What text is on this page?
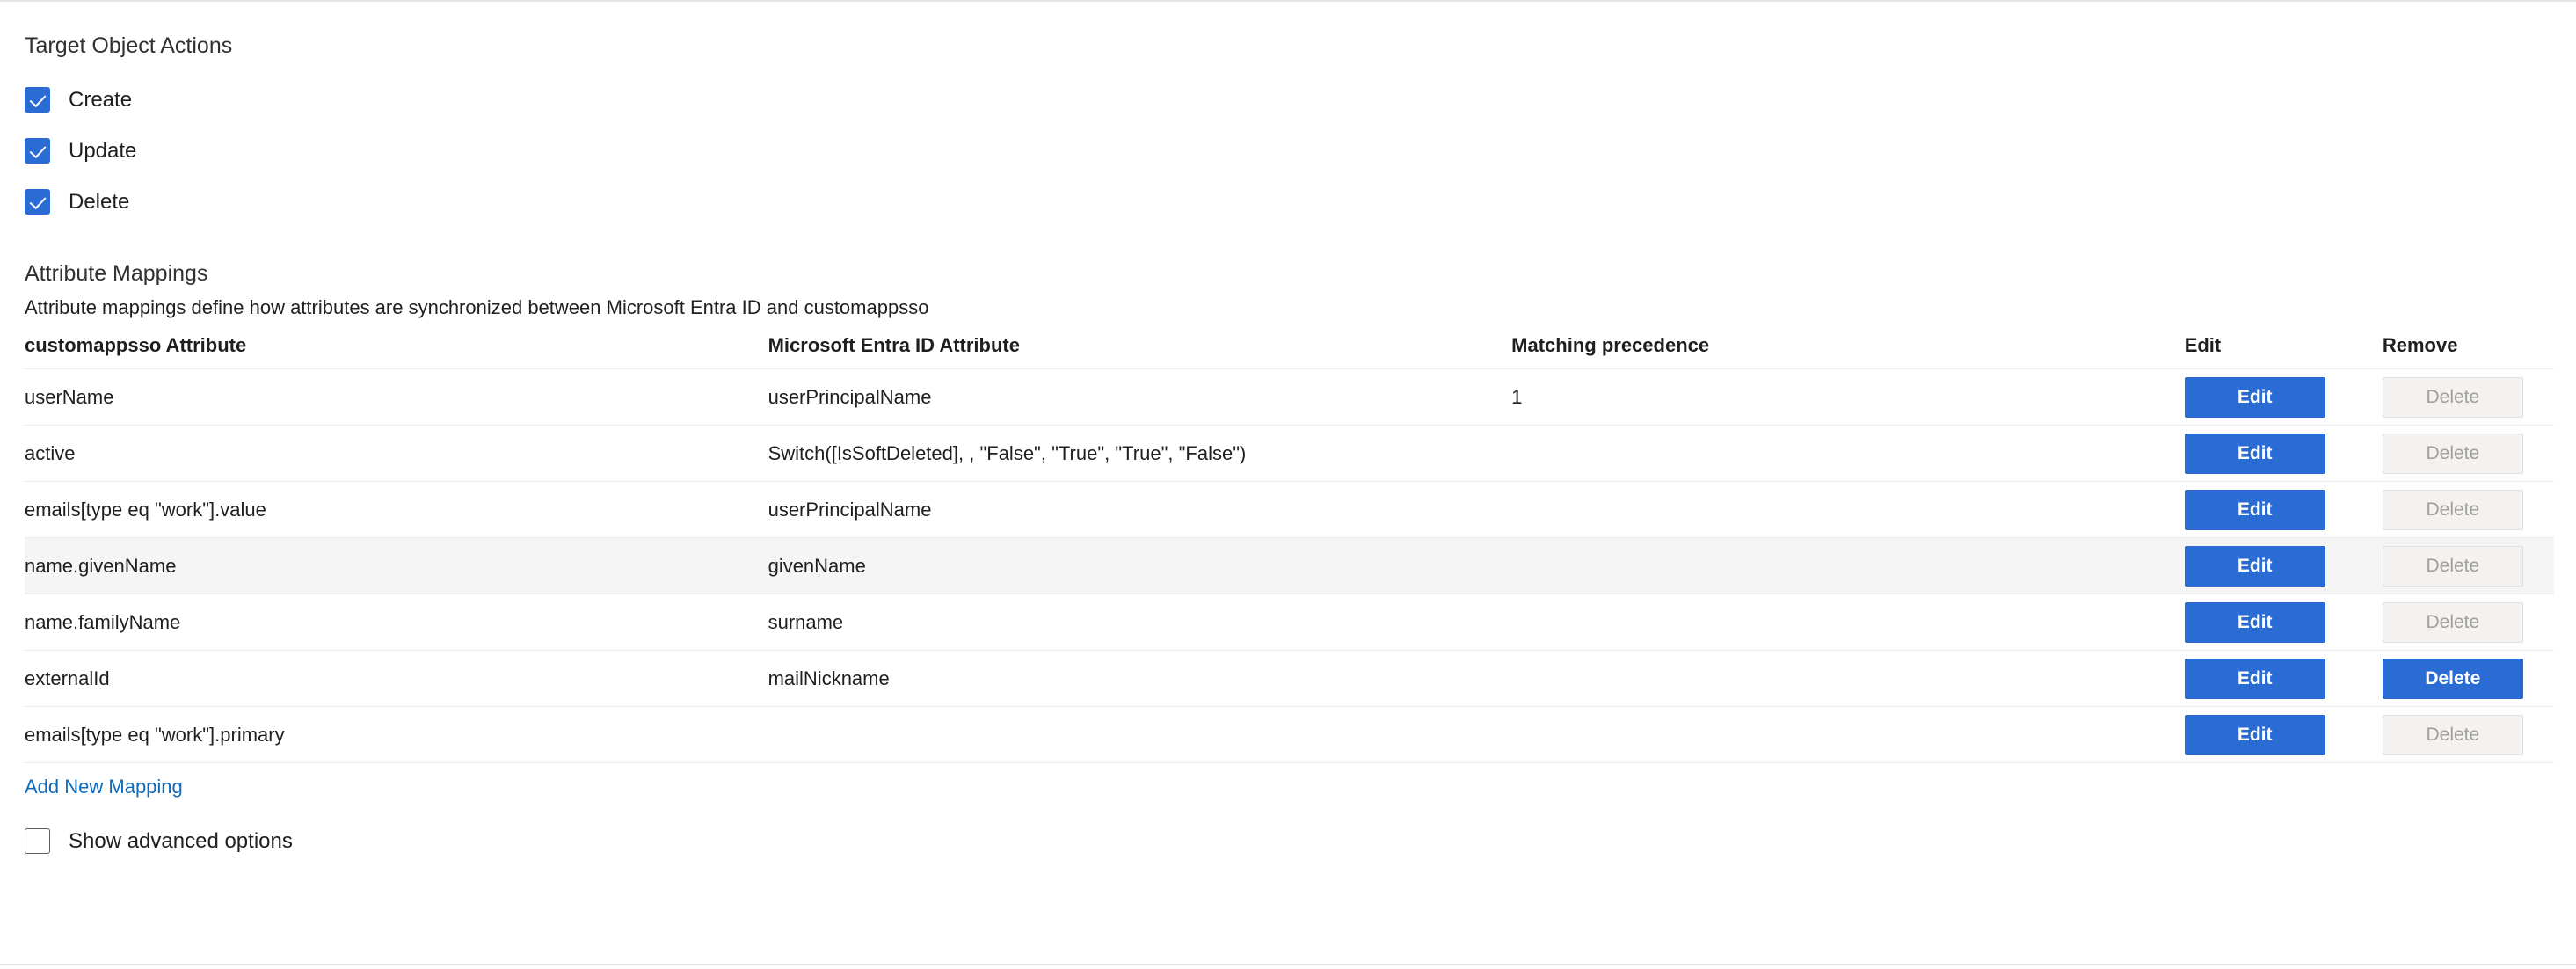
Target Object Actions
Create
Update
Delete
Attribute Mappings
Attribute mappings define how attributes are synchronized between Microsoft Entra ID and customappsso
customappsso Attribute	Microsoft Entra ID Attribute	Matching precedence	Edit	Remove
userName	userPrincipalName	1	Edit	Delete
active	Switch([IsSoftDeleted], , "False", "True", "True", "False")		Edit	Delete
emails[type eq "work"].value	userPrincipalName		Edit	Delete
name.givenName	givenName		Edit	Delete
name.familyName	surname		Edit	Delete
externalId	mailNickname		Edit	Delete
emails[type eq "work"].primary			Edit	Delete
Add New Mapping
Show advanced options
